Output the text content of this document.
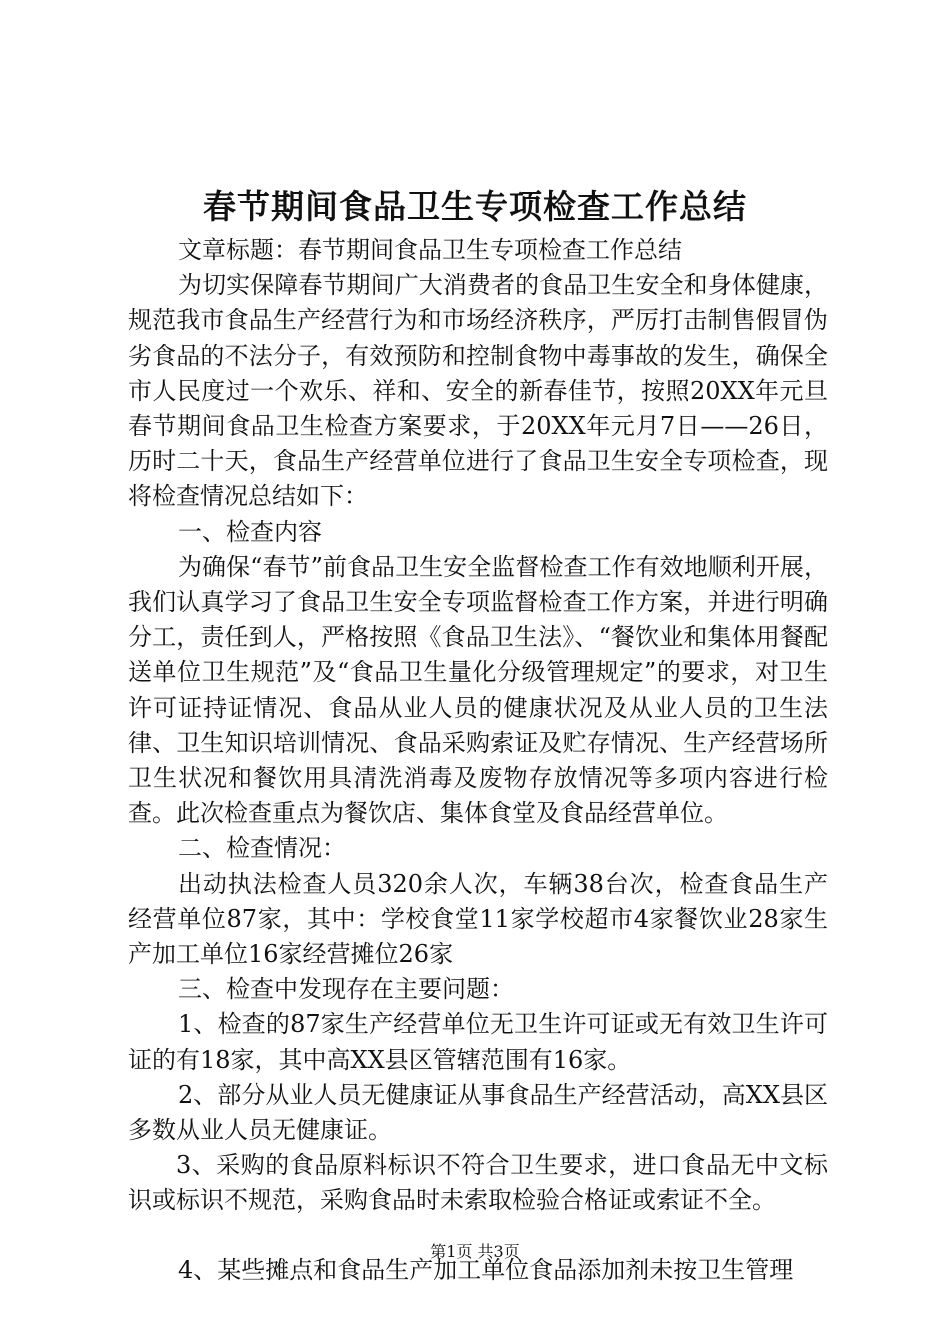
春节期间食品卫生专项检查工作总结

文章标题：春节期间食品卫生专项检查工作总结

为切实保障春节期间广大消费者的食品卫生安全和身体健康，规范我市食品生产经营行为和市场经济秩序，严厉打击制售假冒伪劣食品的不法分子，有效预防和控制食物中毒事故的发生，确保全市人民度过一个欢乐、祥和、安全的新春佳节，按照20XX年元旦春节期间食品卫生检查方案要求，于20XX年元月7日——26日，历时二十天，食品生产经营单位进行了食品卫生安全专项检查，现将检查情况总结如下：

一、检查内容

为确保“春节”前食品卫生安全监督检查工作有效地顺利开展，我们认真学习了食品卫生安全专项监督检查工作方案，并进行明确分工，责任到人，严格按照《食品卫生法》、“餐饮业和集体用餐配送单位卫生规范”及“食品卫生量化分级管理规定”的要求，对卫生许可证持证情况、食品从业人员的健康状况及从业人员的卫生法律、卫生知识培训情况、食品采购索证及贮存情况、生产经营场所卫生状况和餐饮用具清洗消毒及废物存放情况等多项内容进行检查。此次检查重点为餐饮店、集体食堂及食品经营单位。

二、检查情况：

出动执法检查人员320余人次，车辆38台次，检查食品生产经营单位87家，其中：学校食堂11家学校超市4家餐饮业28家生产加工单位16家经营摊位26家

三、检查中发现存在主要问题：

1、检查的87家生产经营单位无卫生许可证或无有效卫生许可证的有18家，其中高XX县区管辖范围有16家。

2、部分从业人员无健康证从事食品生产经营活动，高XX县区多数从业人员无健康证。

3、采购的食品原料标识不符合卫生要求，进口食品无中文标识或标识不规范，采购食品时未索取检验合格证或索证不全。

4、某些摊点和食品生产加工单位食品添加剂未按卫生管理

第1页 共3页
